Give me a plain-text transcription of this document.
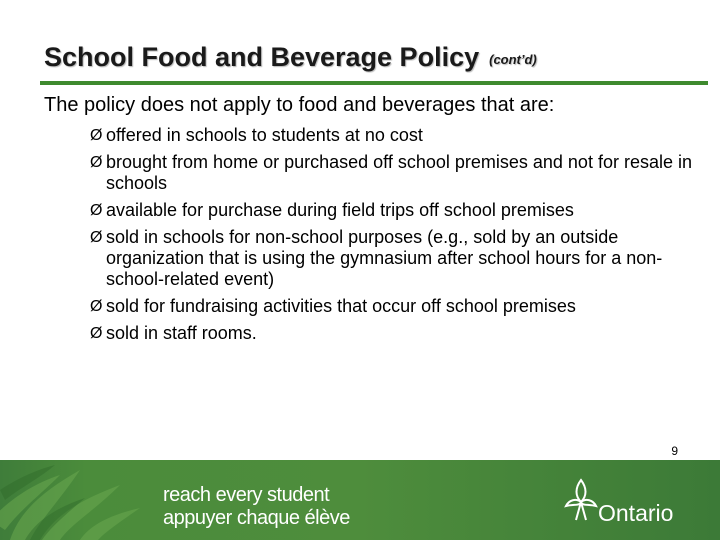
School Food and Beverage Policy (cont’d)
The policy does not apply to food and beverages that are:
Ø offered in schools to students at no cost
Ø brought from home or purchased off school premises and not for resale in schools
Ø available for purchase during field trips off school premises
Ø sold in schools for non-school purposes (e.g., sold by an outside organization that is using the gymnasium after school hours for a non-school-related event)
Ø sold for fundraising activities that occur off school premises
Ø sold in staff rooms.
9
reach every student
appuyer chaque élève	Ontario
